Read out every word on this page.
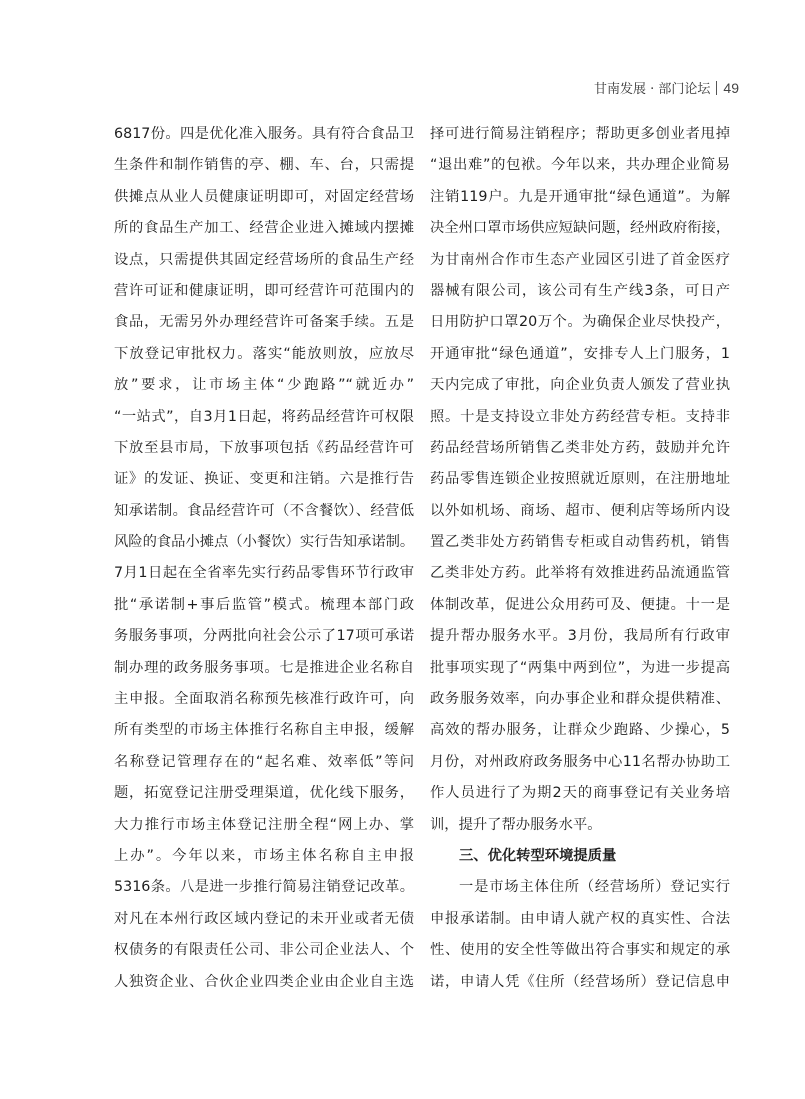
甘南发展 · 部门论坛 49
6817份。四是优化准入服务。具有符合食品卫
生条件和制作销售的亭、棚、车、台，只需提
供摊点从业人员健康证明即可，对固定经营场
所的食品生产加工、经营企业进入摊域内摆摊
设点，只需提供其固定经营场所的食品生产经
营许可证和健康证明，即可经营许可范围内的
食品，无需另外办理经营许可备案手续。五是
下放登记审批权力。落实“能放则放，应放尽
放”要求，让市场主体“少跑路”“就近办”
“一站式”，自3月1日起，将药品经营许可权限
下放至县市局，下放事项包括《药品经营许可
证》的发证、换证、变更和注销。六是推行告
知承诺制。食品经营许可（不含餐饮）、经营低
风险的食品小摊点（小餐饮）实行告知承诺制。
7月1日起在全省率先实行药品零售环节行政审
批“承诺制+事后监管”模式。梳理本部门政
务服务事项，分两批向社会公示了17项可承诺
制办理的政务服务事项。七是推进企业名称自
主申报。全面取消名称预先核准行政许可，向
所有类型的市场主体推行名称自主申报，缓解
名称登记管理存在的“起名难、效率低”等问
题，拓宽登记注册受理渠道，优化线下服务，
大力推行市场主体登记注册全程“网上办、掌
上办”。今年以来，市场主体名称自主申报
5316条。八是进一步推行简易注销登记改革。
对凡在本州行政区域内登记的未开业或者无债
权债务的有限责任公司、非公司企业法人、个
人独资企业、合伙企业四类企业由企业自主选
择可进行简易注销程序；帮助更多创业者甩掉
“退出难”的包袱。今年以来，共办理企业简易
注销119户。九是开通审批“绿色通道”。为解
决全州口罩市场供应短缺问题，经州政府衔接，
为甘南州合作市生态产业园区引进了首金医疗
器械有限公司，该公司有生产线3条，可日产
日用防护口罩20万个。为确保企业尽快投产，
开通审批“绿色通道”，安排专人上门服务，1
天内完成了审批，向企业负责人颁发了营业执
照。十是支持设立非处方药经营专柜。支持非
药品经营场所销售乙类非处方药，鼓励并允许
药品零售连锁企业按照就近原则，在注册地址
以外如机场、商场、超市、便利店等场所内设
置乙类非处方药销售专柜或自动售药机，销售
乙类非处方药。此举将有效推进药品流通监管
体制改革，促进公众用药可及、便捷。十一是
提升帮办服务水平。3月份，我局所有行政审
批事项实现了“两集中两到位”，为进一步提高
政务服务效率，向办事企业和群众提供精准、
高效的帮办服务，让群众少跑路、少操心，5
月份，对州政府政务服务中心11名帮办协助工
作人员进行了为期2天的商事登记有关业务培
训，提升了帮办服务水平。
三、优化转型环境提质量
一是市场主体住所（经营场所）登记实行
申报承诺制。由申请人就产权的真实性、合法
性、使用的安全性等做出符合事实和规定的承
诺，申请人凭《住所（经营场所）登记信息申
